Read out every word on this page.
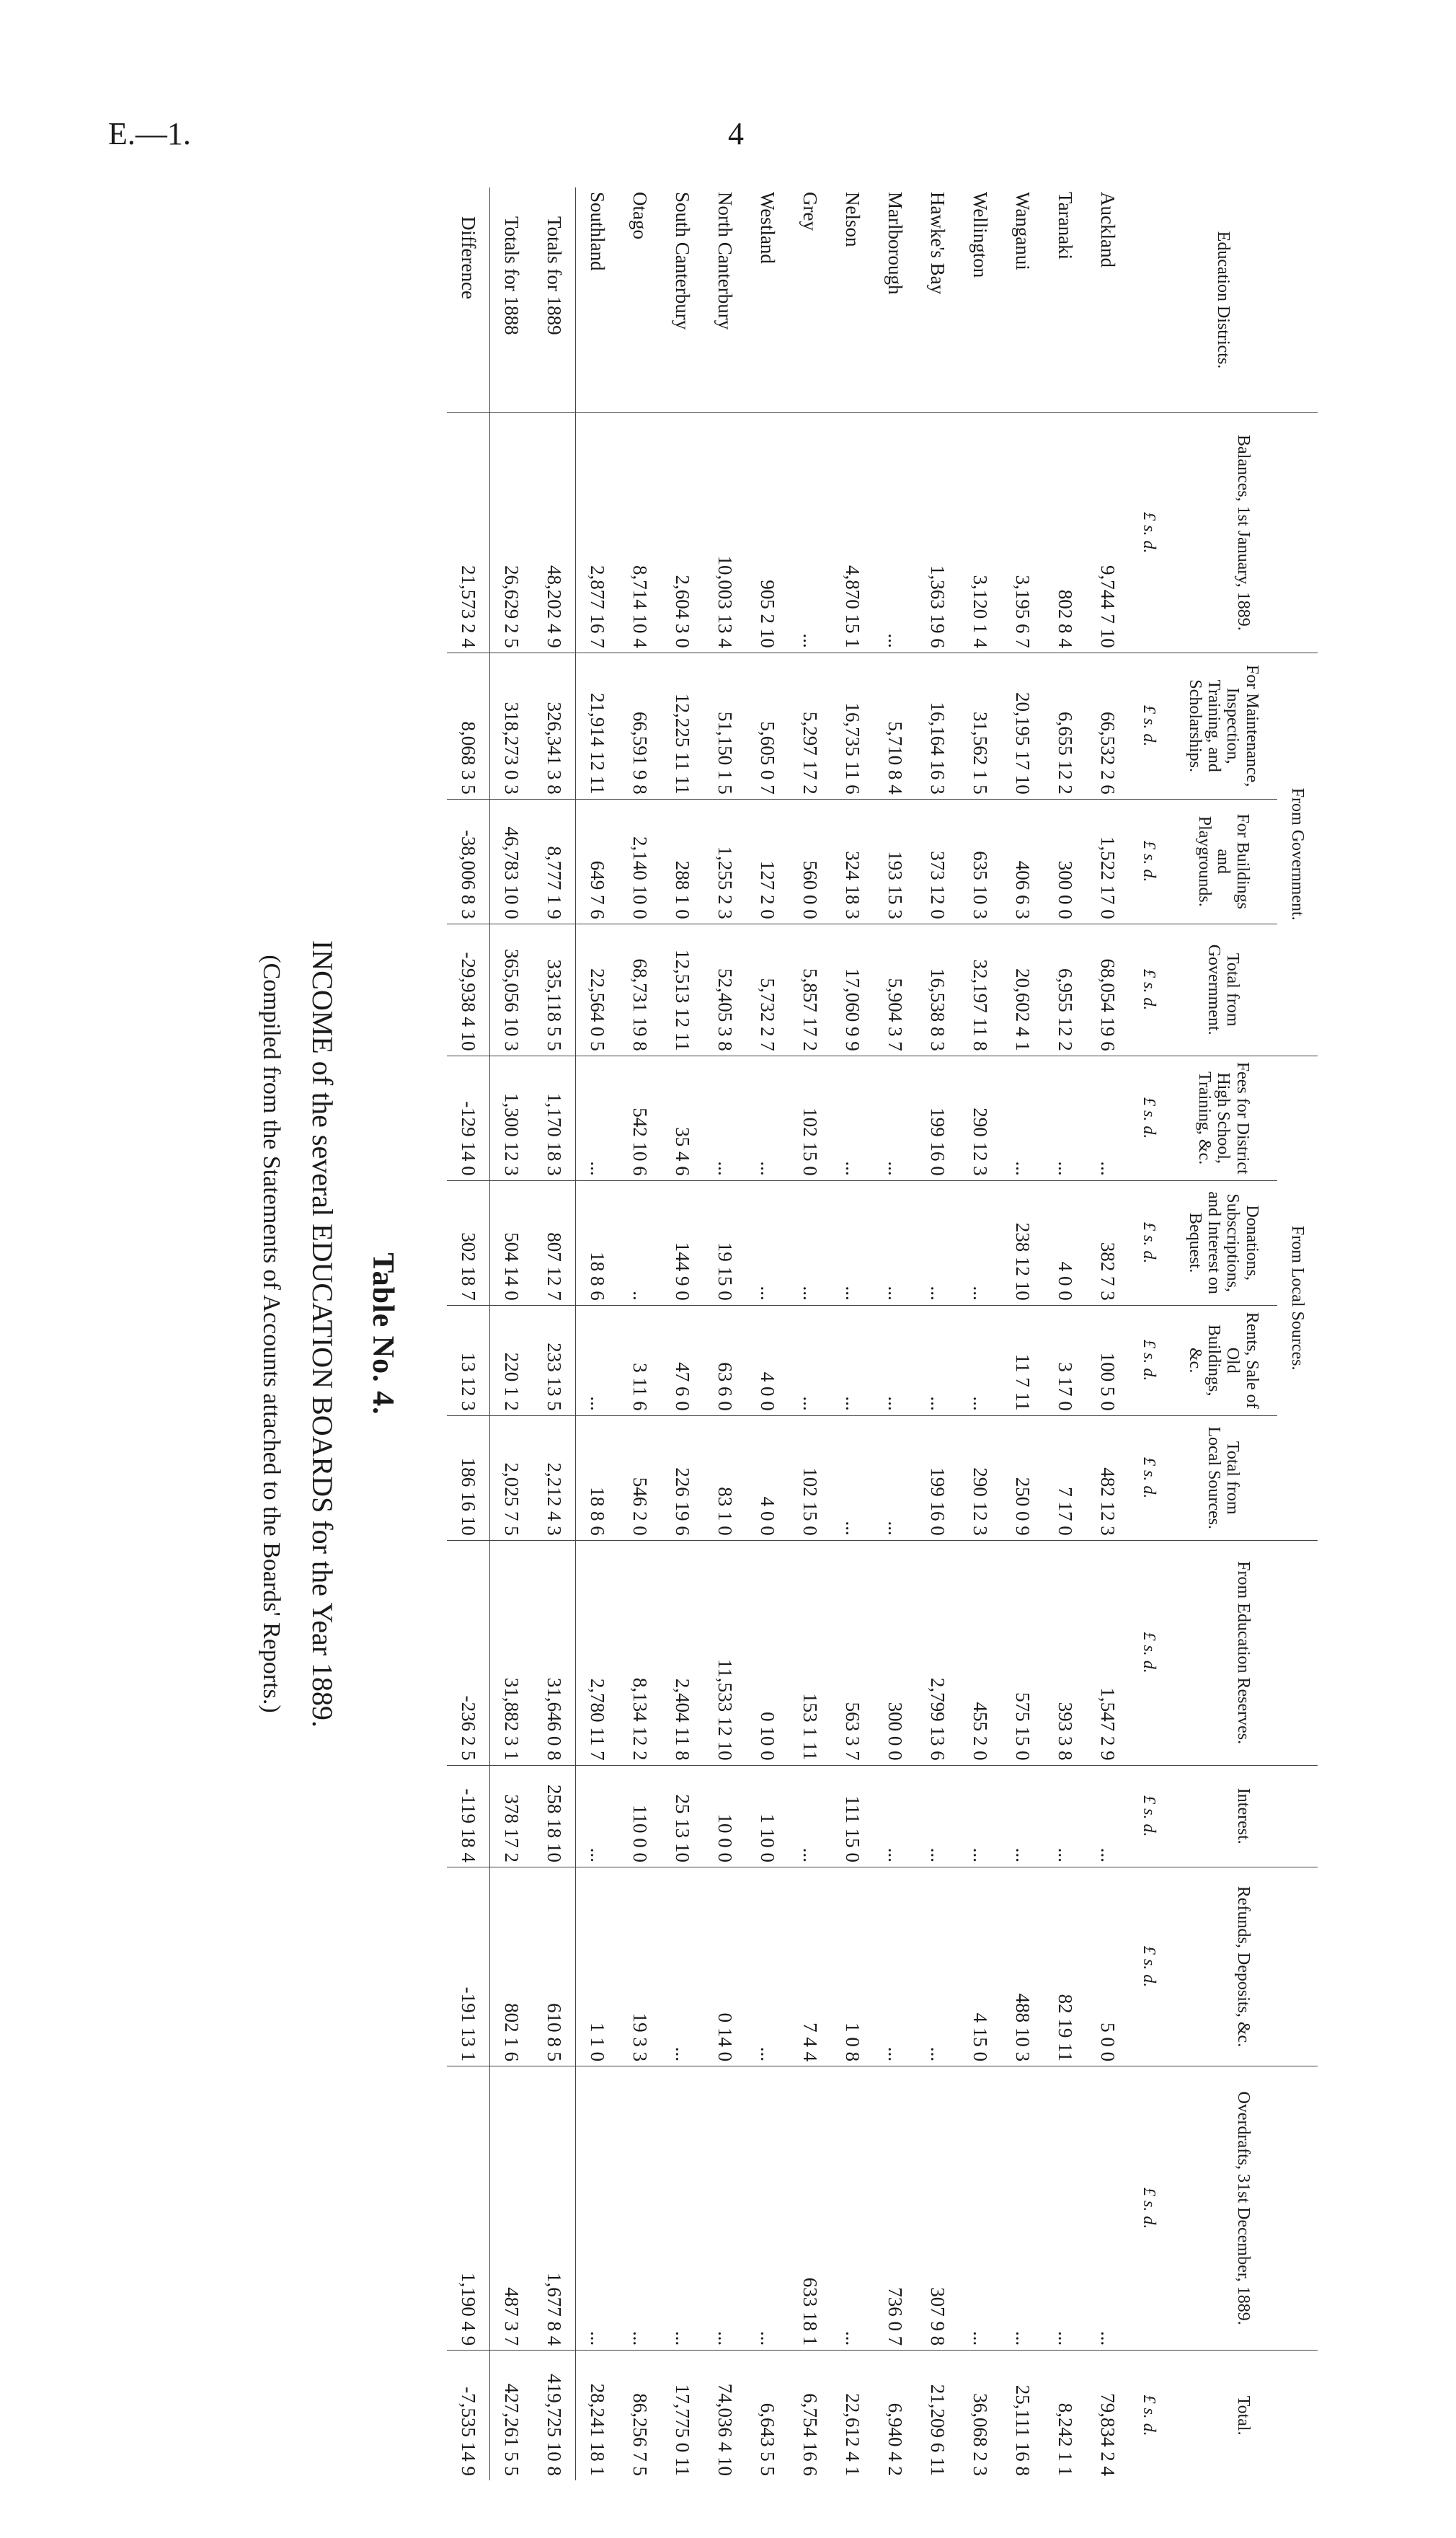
E.—1.	4
Table No. 4.
INCOME of the several EDUCATION BOARDS for the Year 1889.
(Compiled from the Statements of Accounts attached to the Boards' Reports.)
Education Districts.	Balances, 1st January, 1889.	From Government.			From Local Sources.				From Education Reserves.	Interest.	Refunds, Deposits, &c.	Overdrafts, 31st December, 1889.	Total.
		For Maintenance, Inspection, Training, and Scholarships.	For Buildings and Playgrounds.	Total from Government.	Fees for District High School, Training, &c.	Donations, Subscriptions, and Interest on Bequest.	Rents, Sale of Old Buildings, &c.	Total from Local Sources.					
	£ s. d.	£ s. d.	£ s. d.	£ s. d.	£ s. d.	£ s. d.	£ s. d.	£ s. d.	£ s. d.	£ s. d.	£ s. d.	£ s. d.	£ s. d.
Auckland	9,744 7 10	66,532 2 6	1,522 17 0	68,054 19 6	...	382 7 3	100 5 0	482 12 3	1,547 2 9	...	5 0 0	...	79,834 2 4
Taranaki	802 8 4	6,655 12 2	300 0 0	6,955 12 2	...	4 0 0	3 17 0	7 17 0	393 3 8	...	82 19 11	...	8,242 1 1
Wanganui	3,195 6 7	20,195 17 10	406 6 3	20,602 4 1	...	238 12 10	11 7 11	250 0 9	575 15 0	...	488 10 3	...	25,111 16 8
Wellington	3,120 1 4	31,562 1 5	635 10 3	32,197 11 8	290 12 3	...	...	290 12 3	455 2 0	...	4 15 0	...	36,068 2 3
Hawke's Bay	1,363 19 6	16,164 16 3	373 12 0	16,538 8 3	199 16 0	...	...	199 16 0	2,799 13 6	...	...	307 9 8	21,209 6 11
Marlborough	...	5,710 8 4	193 15 3	5,904 3 7	...	...	...	...	300 0 0	...	...	736 0 7	6,940 4 2
Nelson	4,870 15 1	16,735 11 6	324 18 3	17,060 9 9	...	...	...	...	563 3 7	111 15 0	1 0 8	...	22,612 4 1
Grey	...	5,297 17 2	560 0 0	5,857 17 2	102 15 0	...	...	102 15 0	153 1 11	...	7 4 4	633 18 1	6,754 16 6
Westland	905 2 10	5,605 0 7	127 2 0	5,732 2 7	...	...	4 0 0	4 0 0	0 10 0	1 10 0	...	...	6,643 5 5
North Canterbury	10,003 13 4	51,150 1 5	1,255 2 3	52,405 3 8	...	19 15 0	63 6 0	83 1 0	11,533 12 10	10 0 0	0 14 0	...	74,036 4 10
South Canterbury	2,604 3 0	12,225 11 11	288 1 0	12,513 12 11	35 4 6	144 9 0	47 6 0	226 19 6	2,404 11 8	25 13 10	...	...	17,775 0 11
Otago	8,714 10 4	66,591 9 8	2,140 10 0	68,731 19 8	542 10 6	..	3 11 6	546 2 0	8,134 12 2	110 0 0	19 3 3	...	86,256 7 5
Southland	2,877 16 7	21,914 12 11	649 7 6	22,564 0 5	...	18 8 6	...	18 8 6	2,780 11 7	...	1 1 0	...	28,241 18 1
Totals for 1889	48,202 4 9	326,341 3 8	8,777 1 9	335,118 5 5	1,170 18 3	807 12 7	233 13 5	2,212 4 3	31,646 0 8	258 18 10	610 8 5	1,677 8 4	419,725 10 8
Totals for 1888	26,629 2 5	318,273 0 3	46,783 10 0	365,056 10 3	1,300 12 3	504 14 0	220 1 2	2,025 7 5	31,882 3 1	378 17 2	802 1 6	487 3 7	427,261 5 5
Difference	21,573 2 4	8,068 3 5	-38,006 8 3	-29,938 4 10	-129 14 0	302 18 7	13 12 3	186 16 10	-236 2 5	-119 18 4	-191 13 1	1,190 4 9	-7,535 14 9
